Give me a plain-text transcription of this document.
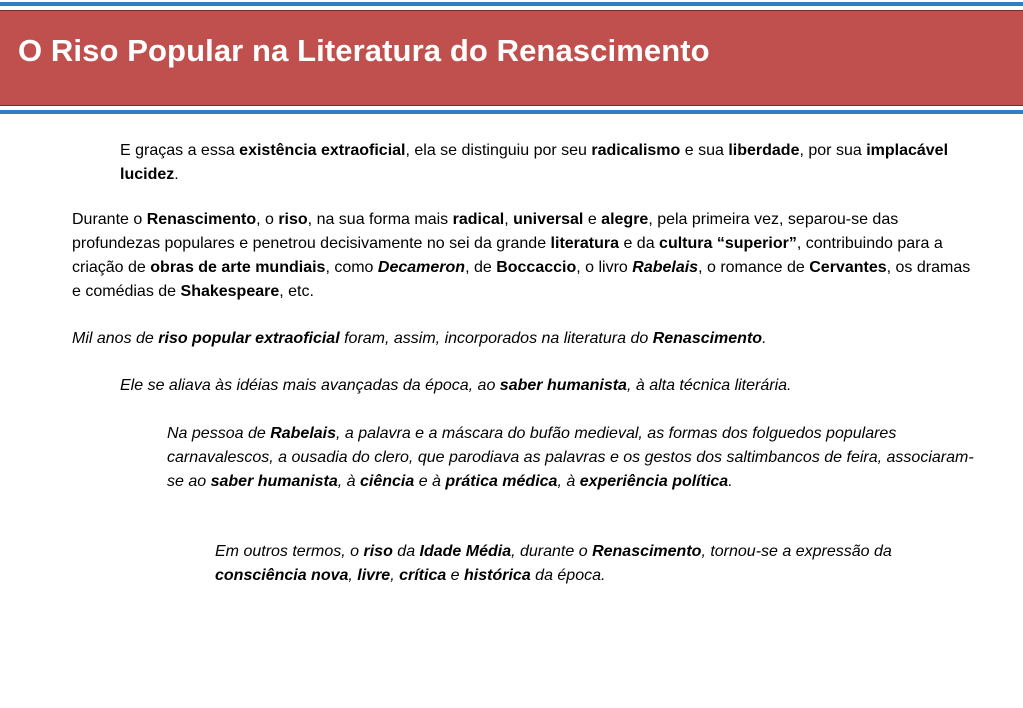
O Riso Popular na Literatura do Renascimento

E graças a essa existência extraoficial, ela se distinguiu por seu radicalismo e sua liberdade, por sua implacável lucidez.

Durante o Renascimento, o riso, na sua forma mais radical, universal e alegre, pela primeira vez, separou-se das profundezas populares e penetrou decisivamente no sei da grande literatura e da cultura “superior”, contribuindo para a criação de obras de arte mundiais, como Decameron, de Boccaccio, o livro Rabelais, o romance de Cervantes, os dramas e comédias de Shakespeare, etc.

Mil anos de riso popular extraoficial foram, assim, incorporados na literatura do Renascimento.

Ele se aliava às idéias mais avançadas da época, ao saber humanista, à alta técnica literária.

Na pessoa de Rabelais, a palavra e a máscara do bufão medieval, as formas dos folguedos populares carnavalescos, a ousadia do clero, que parodiava as palavras e os gestos dos saltimbancos de feira, associaram-se ao saber humanista, à ciência e à prática médica, à experiência política.

Em outros termos, o riso da Idade Média, durante o Renascimento, tornou-se a expressão da consciência nova, livre, crítica e histórica da época.
